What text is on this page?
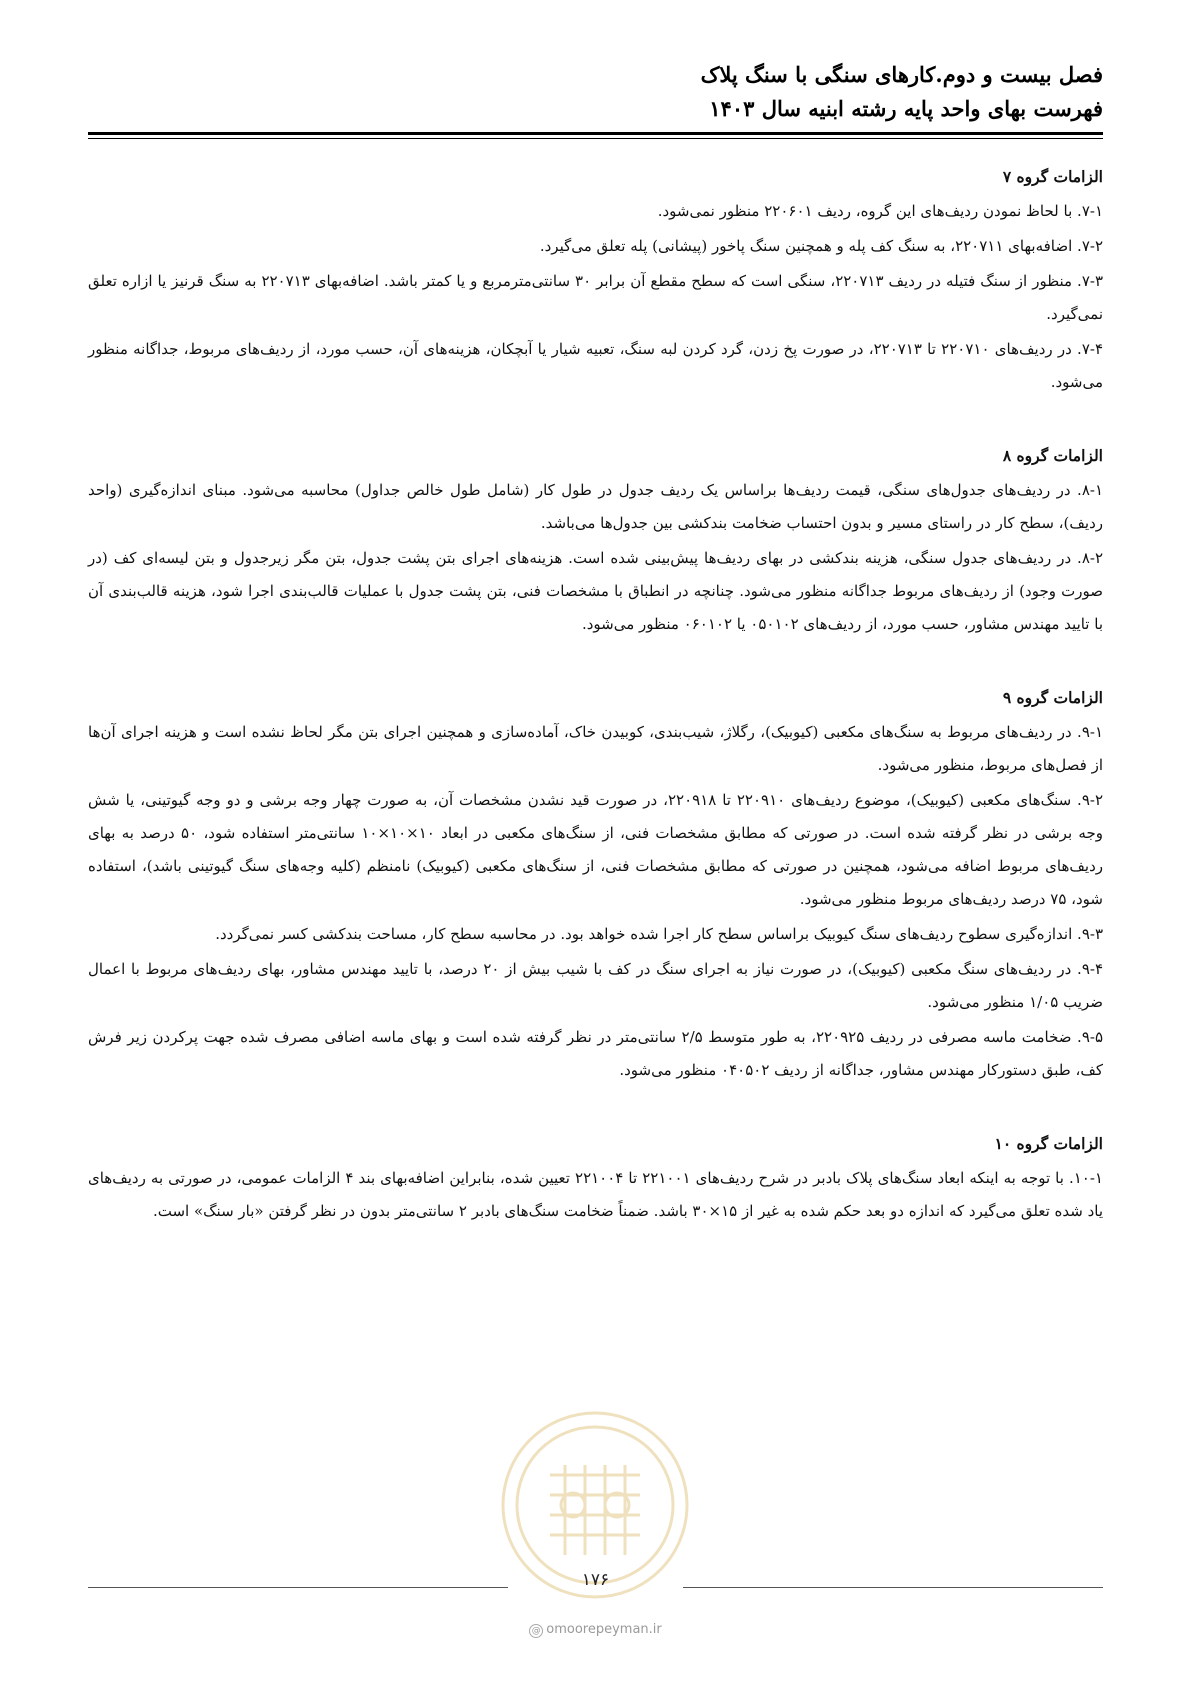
فصل بیست و دوم.کارهای سنگی با سنگ پلاک
فهرست بهای واحد پایه رشته ابنیه سال ۱۴۰۳
الزامات گروه ۷
۷-۱. با لحاظ نمودن ردیف‌های این گروه، ردیف ۲۲۰۶۰۱ منظور نمی‌شود.
۷-۲. اضافه‌بهای ۲۲۰۷۱۱، به سنگ کف پله و همچنین سنگ پاخور (پیشانی) پله تعلق می‌گیرد.
۷-۳. منظور از سنگ فتیله در ردیف ۲۲۰۷۱۳، سنگی است که سطح مقطع آن برابر ۳۰ سانتی‌مترمربع و یا کمتر باشد. اضافه‌بهای ۲۲۰۷۱۳ به سنگ قرنیز یا ازاره تعلق نمی‌گیرد.
۷-۴. در ردیف‌های ۲۲۰۷۱۰ تا ۲۲۰۷۱۳، در صورت پخ زدن، گرد کردن لبه سنگ، تعبیه شیار یا آبچکان، هزینه‌های آن، حسب مورد، از ردیف‌های مربوط، جداگانه منظور می‌شود.
الزامات گروه ۸
۸-۱. در ردیف‌های جدول‌های سنگی، قیمت ردیف‌ها براساس یک ردیف جدول در طول کار (شامل طول خالص جداول) محاسبه می‌شود. مبنای اندازه‌گیری (واحد ردیف)، سطح کار در راستای مسیر و بدون احتساب ضخامت بندکشی بین جدول‌ها می‌باشد.
۸-۲. در ردیف‌های جدول سنگی، هزینه بندکشی در بهای ردیف‌ها پیش‌بینی شده است. هزینه‌های اجرای بتن پشت جدول، بتن مگر زیرجدول و بتن لیسه‌ای کف (در صورت وجود) از ردیف‌های مربوط جداگانه منظور می‌شود. چنانچه در انطباق با مشخصات فنی، بتن پشت جدول با عملیات قالب‌بندی اجرا شود، هزینه قالب‌بندی آن با تایید مهندس مشاور، حسب مورد، از ردیف‌های ۰۵۰۱۰۲ یا ۰۶۰۱۰۲ منظور می‌شود.
الزامات گروه ۹
۹-۱. در ردیف‌های مربوط به سنگ‌های مکعبی (کیوبیک)، رگلاژ، شیب‌بندی، کوبیدن خاک، آماده‌سازی و همچنین اجرای بتن مگر لحاظ نشده است و هزینه اجرای آن‌ها از فصل‌های مربوط، منظور می‌شود.
۹-۲. سنگ‌های مکعبی (کیوبیک)، موضوع ردیف‌های ۲۲۰۹۱۰ تا ۲۲۰۹۱۸، در صورت قید نشدن مشخصات آن، به صورت چهار وجه برشی و دو وجه گیوتینی، یا شش وجه برشی در نظر گرفته شده است. در صورتی که مطابق مشخصات فنی، از سنگ‌های مکعبی در ابعاد ۱۰×۱۰×۱۰ سانتی‌متر استفاده شود، ۵۰ درصد به بهای ردیف‌های مربوط اضافه می‌شود، همچنین در صورتی که مطابق مشخصات فنی، از سنگ‌های مکعبی (کیوبیک) نامنظم (کلیه وجه‌های سنگ گیوتینی باشد)، استفاده شود، ۷۵ درصد ردیف‌های مربوط منظور می‌شود.
۹-۳. اندازه‌گیری سطوح ردیف‌های سنگ کیوبیک براساس سطح کار اجرا شده خواهد بود. در محاسبه سطح کار، مساحت بندکشی کسر نمی‌گردد.
۹-۴. در ردیف‌های سنگ مکعبی (کیوبیک)، در صورت نیاز به اجرای سنگ در کف با شیب بیش از ۲۰ درصد، با تایید مهندس مشاور، بهای ردیف‌های مربوط با اعمال ضریب ۱/۰۵ منظور می‌شود.
۹-۵. ضخامت ماسه مصرفی در ردیف ۲۲۰۹۲۵، به طور متوسط ۲/۵ سانتی‌متر در نظر گرفته شده است و بهای ماسه اضافی مصرف شده جهت پرکردن زیر فرش کف، طبق دستورکار مهندس مشاور، جداگانه از ردیف ۰۴۰۵۰۲ منظور می‌شود.
الزامات گروه ۱۰
۱۰-۱. با توجه به اینکه ابعاد سنگ‌های پلاک بادبر در شرح ردیف‌های ۲۲۱۰۰۱ تا ۲۲۱۰۰۴ تعیین شده، بنابراین اضافه‌بهای بند ۴ الزامات عمومی، در صورتی به ردیف‌های یاد شده تعلق می‌گیرد که اندازه دو بعد حکم شده به غیر از ۱۵×۳۰ باشد. ضمناً ضخامت سنگ‌های بادبر ۲ سانتی‌متر بدون در نظر گرفتن «بار سنگ» است.
۱۷۶
@ omoorepeyman.ir
